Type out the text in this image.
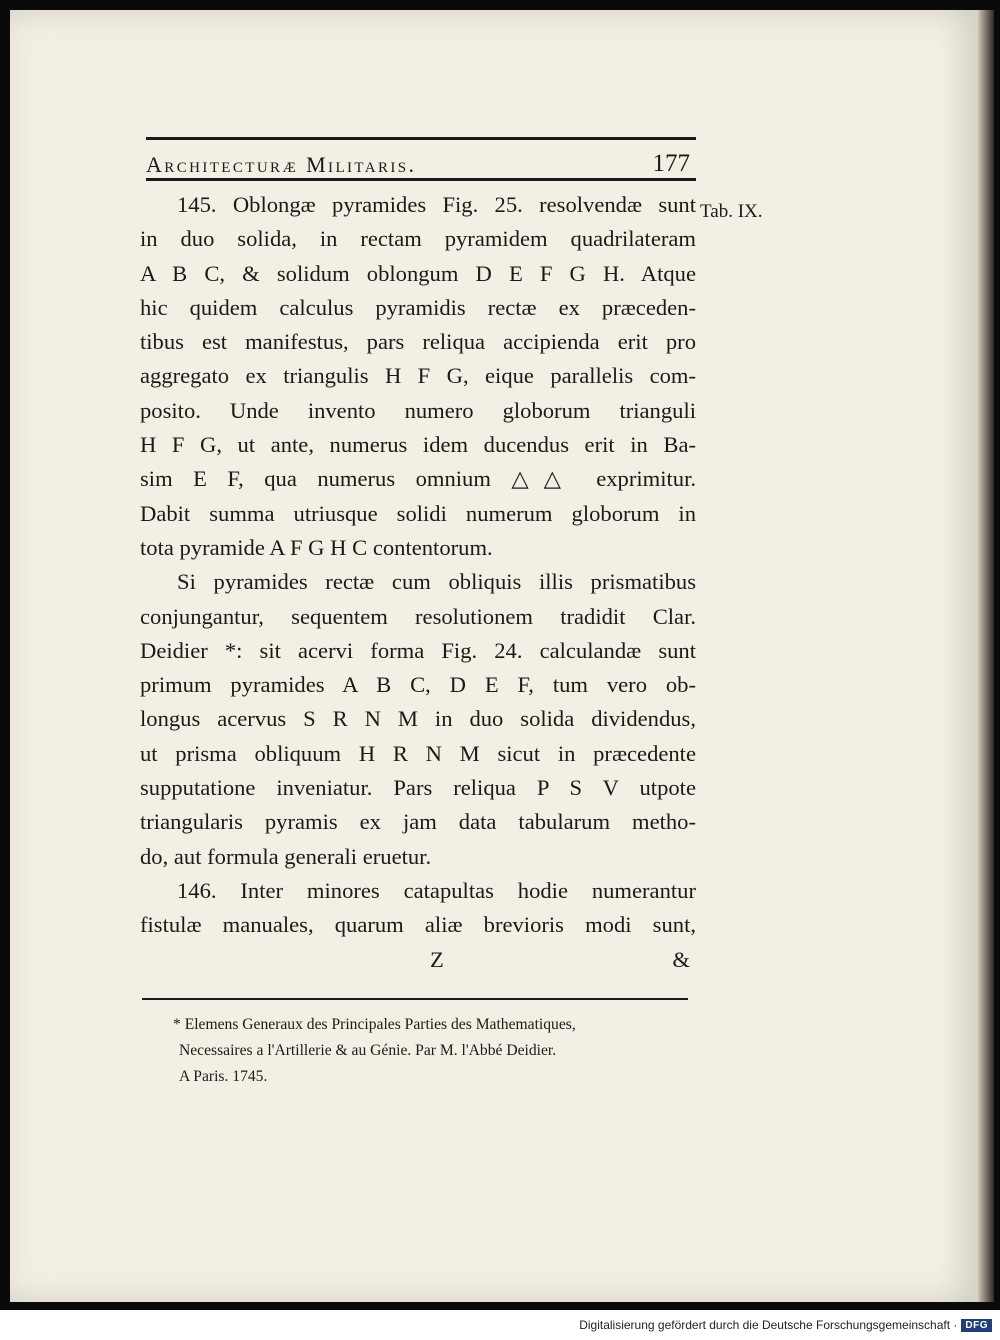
Architecturæ Militaris.	177
Tab. IX.
145. Oblongæ pyramides Fig. 25. resolvendæ sunt
in duo solida, in rectam pyramidem quadrilateram
A B C, & solidum oblongum D E F G H. Atque
hic quidem calculus pyramidis rectæ ex præceden-
tibus est manifestus, pars reliqua accipienda erit pro
aggregato ex triangulis H F G, eique parallelis com-
posito. Unde invento numero globorum trianguli
H F G, ut ante, numerus idem ducendus erit in Ba-
sim E F, qua numerus omnium △△ exprimitur.
Dabit summa utriusque solidi numerum globorum in
tota pyramide A F G H C contentorum.
Si pyramides rectæ cum obliquis illis prismatibus
conjungantur, sequentem resolutionem tradidit Clar.
Deidier *: sit acervi forma Fig. 24. calculandæ sunt
primum pyramides A B C, D E F, tum vero ob-
longus acervus S R N M in duo solida dividendus,
ut prisma obliquum H R N M sicut in præcedente
supputatione inveniatur. Pars reliqua P S V utpote
triangularis pyramis ex jam data tabularum metho-
do, aut formula generali eruetur.
146. Inter minores catapultas hodie numerantur
fistulæ manuales, quarum aliæ brevioris modi sunt,
Z	&
* Elemens Generaux des Principales Parties des Mathematiques,
Necessaires a l'Artillerie & au Génie. Par M. l'Abbé Deidier.
A Paris. 1745.
Digitalisierung gefördert durch die Deutsche Forschungsgemeinschaft · DFG
